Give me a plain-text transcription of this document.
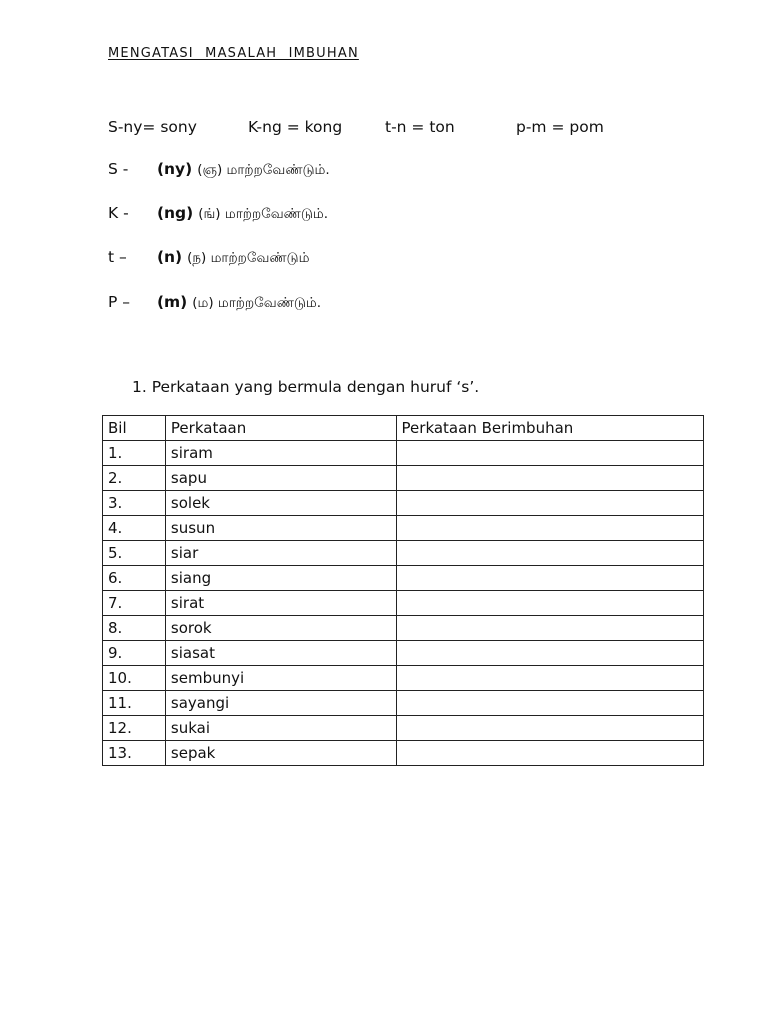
MENGATASI MASALAH IMBUHAN
S-ny= sony	K-ng = kong	t-n = ton	p-m = pom
S - (ny) (ஞ) மாற்றவேண்டும்.
K - (ng) (ங்) மாற்றவேண்டும்.
t – (n) (ந) மாற்றவேண்டும்
P – (m) (ம) மாற்றவேண்டும்.
1. Perkataan yang bermula dengan huruf ‘s’.
Bil	Perkataan	Perkataan Berimbuhan
1.	siram	
2.	sapu	
3.	solek	
4.	susun	
5.	siar	
6.	siang	
7.	sirat	
8.	sorok	
9.	siasat	
10.	sembunyi	
11.	sayangi	
12.	sukai	
13.	sepak	
